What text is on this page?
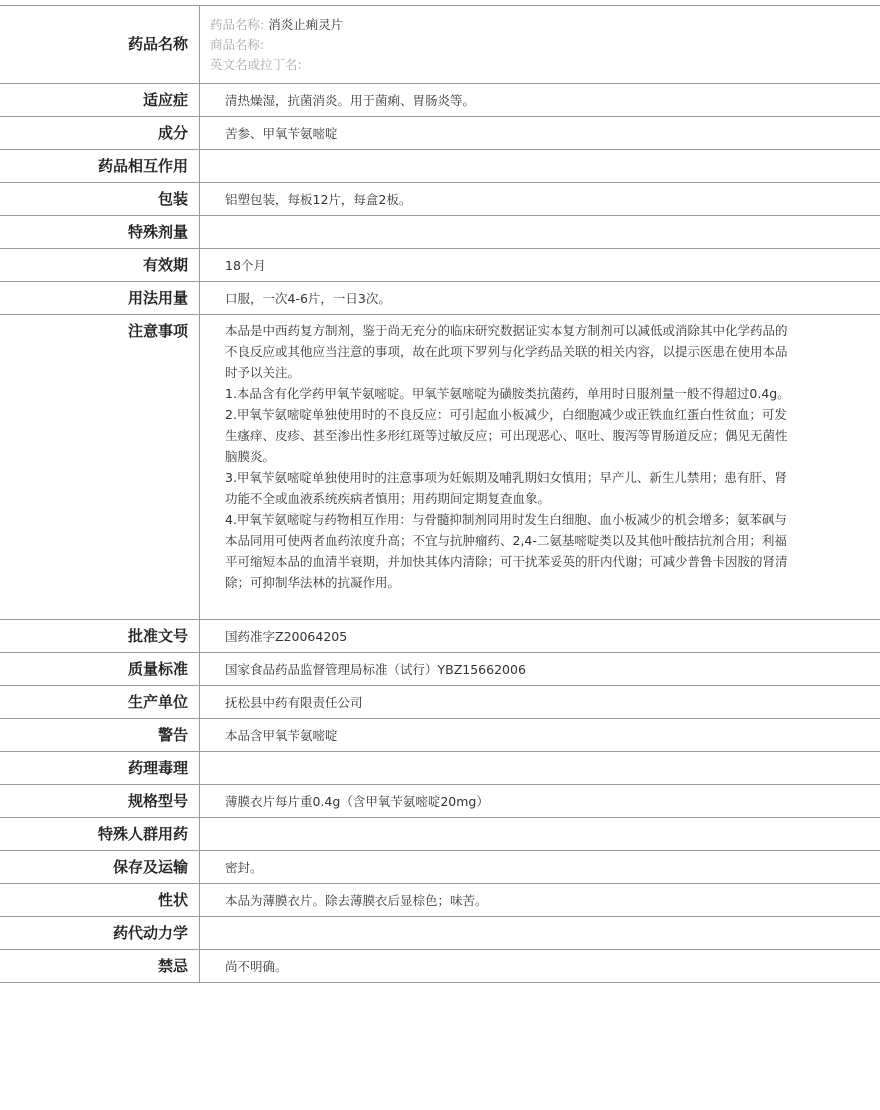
药品名称
药品名称: 消炎止痢灵片
商品名称:
英文名或拉丁名:
适应症	清热燥湿，抗菌消炎。用于菌痢、胃肠炎等。
成分	苦参、甲氧苄氨嘧啶
药品相互作用
包装	铝塑包装，每板12片，每盒2板。
特殊剂量
有效期	18个月
用法用量	口服，一次4-6片，一日3次。
注意事项	本品是中西药复方制剂，鉴于尚无充分的临床研究数据证实本复方制剂可以减低或消除其中化学药品的不良反应或其他应当注意的事项，故在此项下罗列与化学药品关联的相关内容，以提示医患在使用本品时予以关注。
1.本品含有化学药甲氧苄氨嘧啶。甲氧苄氨嘧啶为磺胺类抗菌药，单用时日服剂量一般不得超过0.4g。
2.甲氧苄氨嘧啶单独使用时的不良反应：可引起血小板减少，白细胞减少或正铁血红蛋白性贫血；可发生瘙痒、皮疹、甚至渗出性多形红斑等过敏反应；可出现恶心、呕吐、腹泻等胃肠道反应；偶见无菌性脑膜炎。
3.甲氧苄氨嘧啶单独使用时的注意事项为妊娠期及哺乳期妇女慎用；早产儿、新生儿禁用；患有肝、肾功能不全或血液系统疾病者慎用；用药期间定期复查血象。
4.甲氧苄氨嘧啶与药物相互作用：与骨髓抑制剂同用时发生白细胞、血小板减少的机会增多；氨苯砜与本品同用可使两者血药浓度升高；不宜与抗肿瘤药、2,4-二氨基嘧啶类以及其他叶酸拮抗剂合用；利福平可缩短本品的血清半衰期，并加快其体内清除；可干扰苯妥英的肝内代谢；可减少普鲁卡因胺的肾清除；可抑制华法林的抗凝作用。
批准文号	国药准字Z20064205
质量标准	国家食品药品监督管理局标准（试行）YBZ15662006
生产单位	抚松县中药有限责任公司
警告	本品含甲氧苄氨嘧啶
药理毒理
规格型号	薄膜衣片每片重0.4g（含甲氧苄氨嘧啶20mg）
特殊人群用药
保存及运输	密封。
性状	本品为薄膜衣片。除去薄膜衣后显棕色；味苦。
药代动力学
禁忌	尚不明确。
